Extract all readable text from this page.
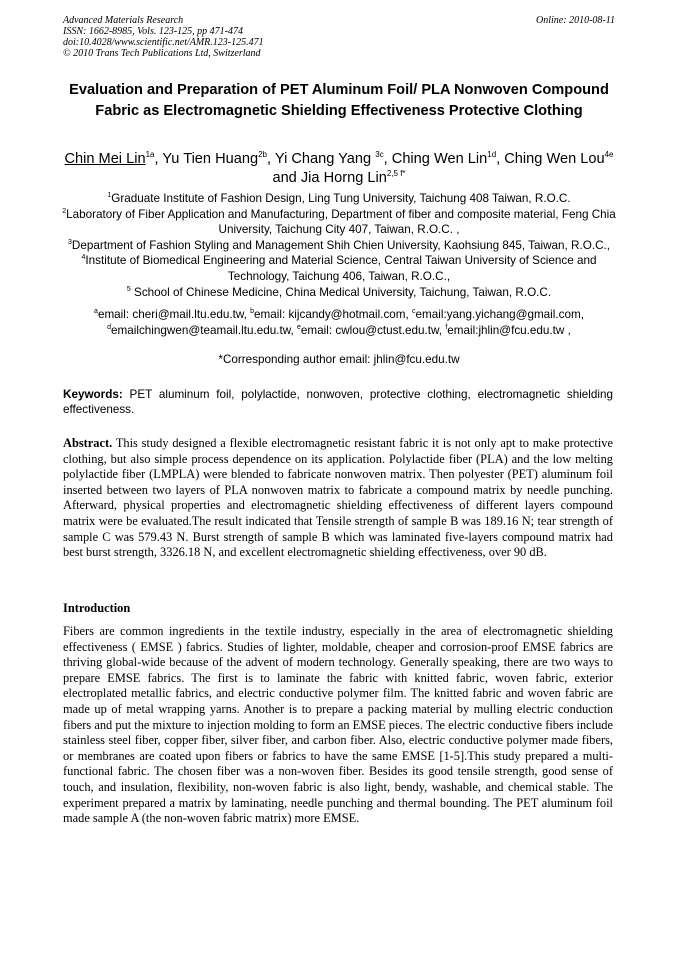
Advanced Materials Research
ISSN: 1662-8985, Vols. 123-125, pp 471-474
doi:10.4028/www.scientific.net/AMR.123-125.471
© 2010 Trans Tech Publications Ltd, Switzerland
Online: 2010-08-11
Evaluation and Preparation of PET Aluminum Foil/ PLA Nonwoven Compound Fabric as Electromagnetic Shielding Effectiveness Protective Clothing
Chin Mei Lin$^{1a}$, Yu Tien Huang$^{2b}$, Yi Chang Yang $^{3c}$, Ching Wen Lin$^{1d}$, Ching Wen Lou$^{4e}$ and Jia Horng Lin$^{2,5 f*}$
$^1$Graduate Institute of Fashion Design, Ling Tung University, Taichung 408 Taiwan, R.O.C.
$^2$Laboratory of Fiber Application and Manufacturing, Department of fiber and composite material, Feng Chia University, Taichung City 407, Taiwan, R.O.C. ,
$^3$Department of Fashion Styling and Management Shih Chien University, Kaohsiung 845, Taiwan, R.O.C., $^4$Institute of Biomedical Engineering and Material Science, Central Taiwan University of Science and Technology, Taichung 406, Taiwan, R.O.C.,
$^5$ School of Chinese Medicine, China Medical University, Taichung, Taiwan, R.O.C.
$^a$email: cheri@mail.ltu.edu.tw, $^b$email: kijcandy@hotmail.com, $^c$email:yang.yichang@gmail.com,
$^d$emailchingwen@teamail.ltu.edu.tw, $^e$email: cwlou@ctust.edu.tw, $^f$email:jhlin@fcu.edu.tw ,
*Corresponding author email: jhlin@fcu.edu.tw
Keywords: PET aluminum foil, polylactide, nonwoven, protective clothing, electromagnetic shielding effectiveness.
Abstract. This study designed a flexible electromagnetic resistant fabric it is not only apt to make protective clothing, but also simple process dependence on its application. Polylactide fiber (PLA) and the low melting polylactide fiber (LMPLA) were blended to fabricate nonwoven matrix. Then polyester (PET) aluminum foil inserted between two layers of PLA nonwoven matrix to fabricate a compound matrix by needle punching. Afterward, physical properties and electromagnetic shielding effectiveness of different layers compound matrix were be evaluated.The result indicated that Tensile strength of sample B was 189.16 N; tear strength of sample C was 579.43 N. Burst strength of sample B which was laminated five-layers compound matrix had best burst strength, 3326.18 N, and excellent electromagnetic shielding effectiveness, over 90 dB.
Introduction
Fibers are common ingredients in the textile industry, especially in the area of electromagnetic shielding effectiveness ( EMSE ) fabrics. Studies of lighter, moldable, cheaper and corrosion-proof EMSE fabrics are thriving global-wide because of the advent of modern technology. Generally speaking, there are two ways to prepare EMSE fabrics. The first is to laminate the fabric with knitted fabric, woven fabric, exterior electroplated metallic fabrics, and electric conductive polymer film. The knitted fabric and woven fabric are made up of metal wrapping yarns. Another is to prepare a packing material by mulling electric conduction fibers and put the mixture to injection molding to form an EMSE pieces. The electric conductive fibers include stainless steel fiber, copper fiber, silver fiber, and carbon fiber. Also, electric conductive polymer made fibers, or membranes are coated upon fibers or fabrics to have the same EMSE [1-5].This study prepared a multi-functional fabric. The chosen fiber was a non-woven fiber. Besides its good tensile strength, good sense of touch, and insulation, flexibility, non-woven fabric is also light, bendy, washable, and chemical stable. The experiment prepared a matrix by laminating, needle punching and thermal bounding. The PET aluminum foil made sample A (the non-woven fabric matrix) more EMSE.
